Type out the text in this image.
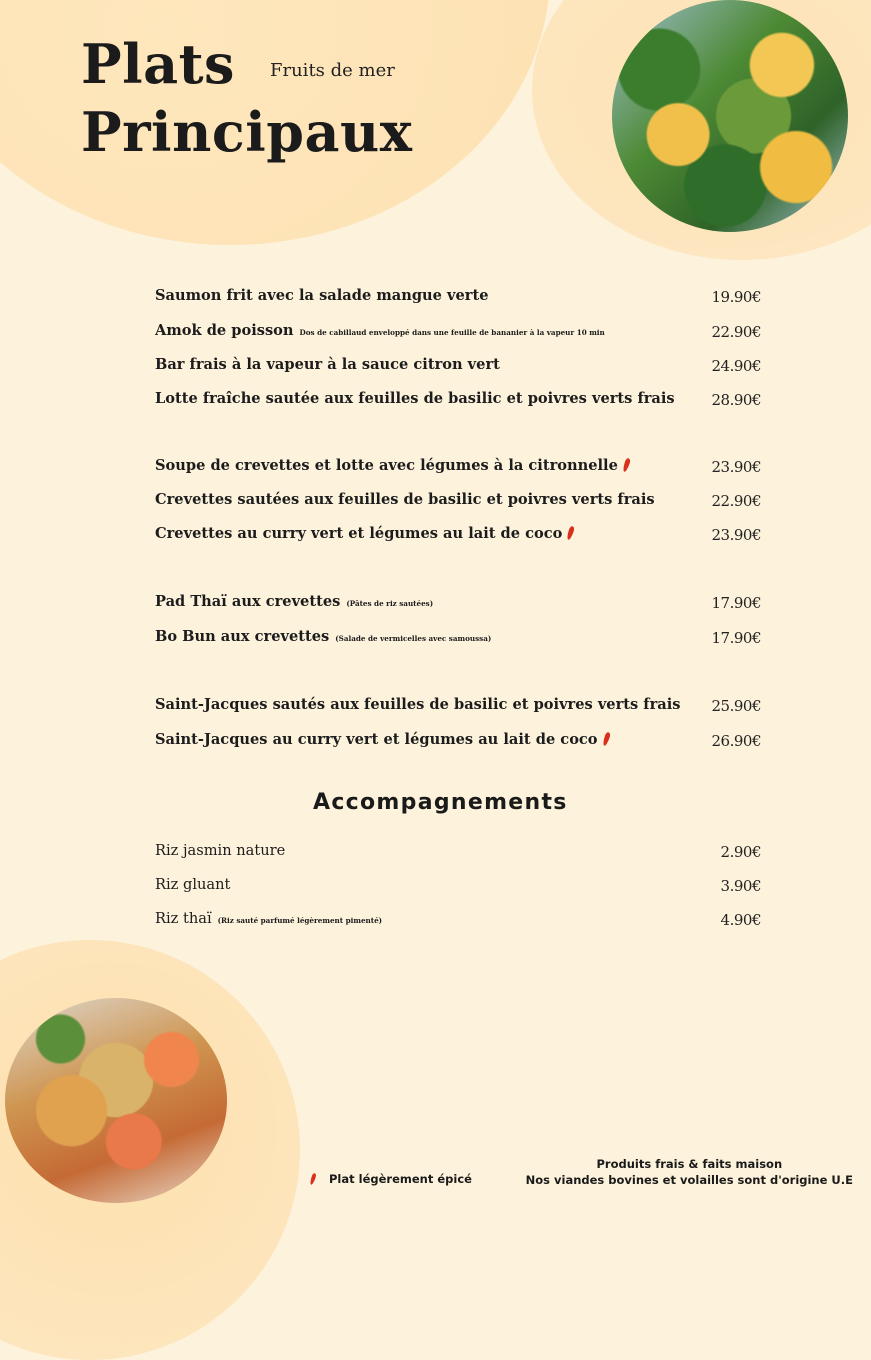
Plats
Principaux
Fruits de mer
Saumon frit avec la salade mangue verte	19.90€
Amok de poisson Dos de cabillaud enveloppé dans une feuille de bananier à la vapeur 10 min	22.90€
Bar frais à la vapeur à la sauce citron vert	24.90€
Lotte fraîche sautée aux feuilles de basilic et poivres verts frais 28.90€
Soupe de crevettes et lotte avec légumes à la citronnelle	23.90€
Crevettes sautées aux feuilles de basilic et poivres verts frais	22.90€
Crevettes au curry vert et légumes au lait de coco	23.90€
Pad Thaï aux crevettes (Pâtes de riz sautées)	17.90€
Bo Bun aux crevettes (Salade de vermicelles avec samoussa)	17.90€
Saint-Jacques sautés aux feuilles de basilic et poivres verts frais 25.90€
Saint-Jacques au curry vert et légumes au lait de coco	26.90€
Accompagnements
Riz jasmin nature	2.90€
Riz gluant	3.90€
Riz thaï (Riz sauté parfumé légèrement pimenté)	4.90€
Plat légèrement épicé
Produits frais & faits maison
Nos viandes bovines et volailles sont d'origine U.E
